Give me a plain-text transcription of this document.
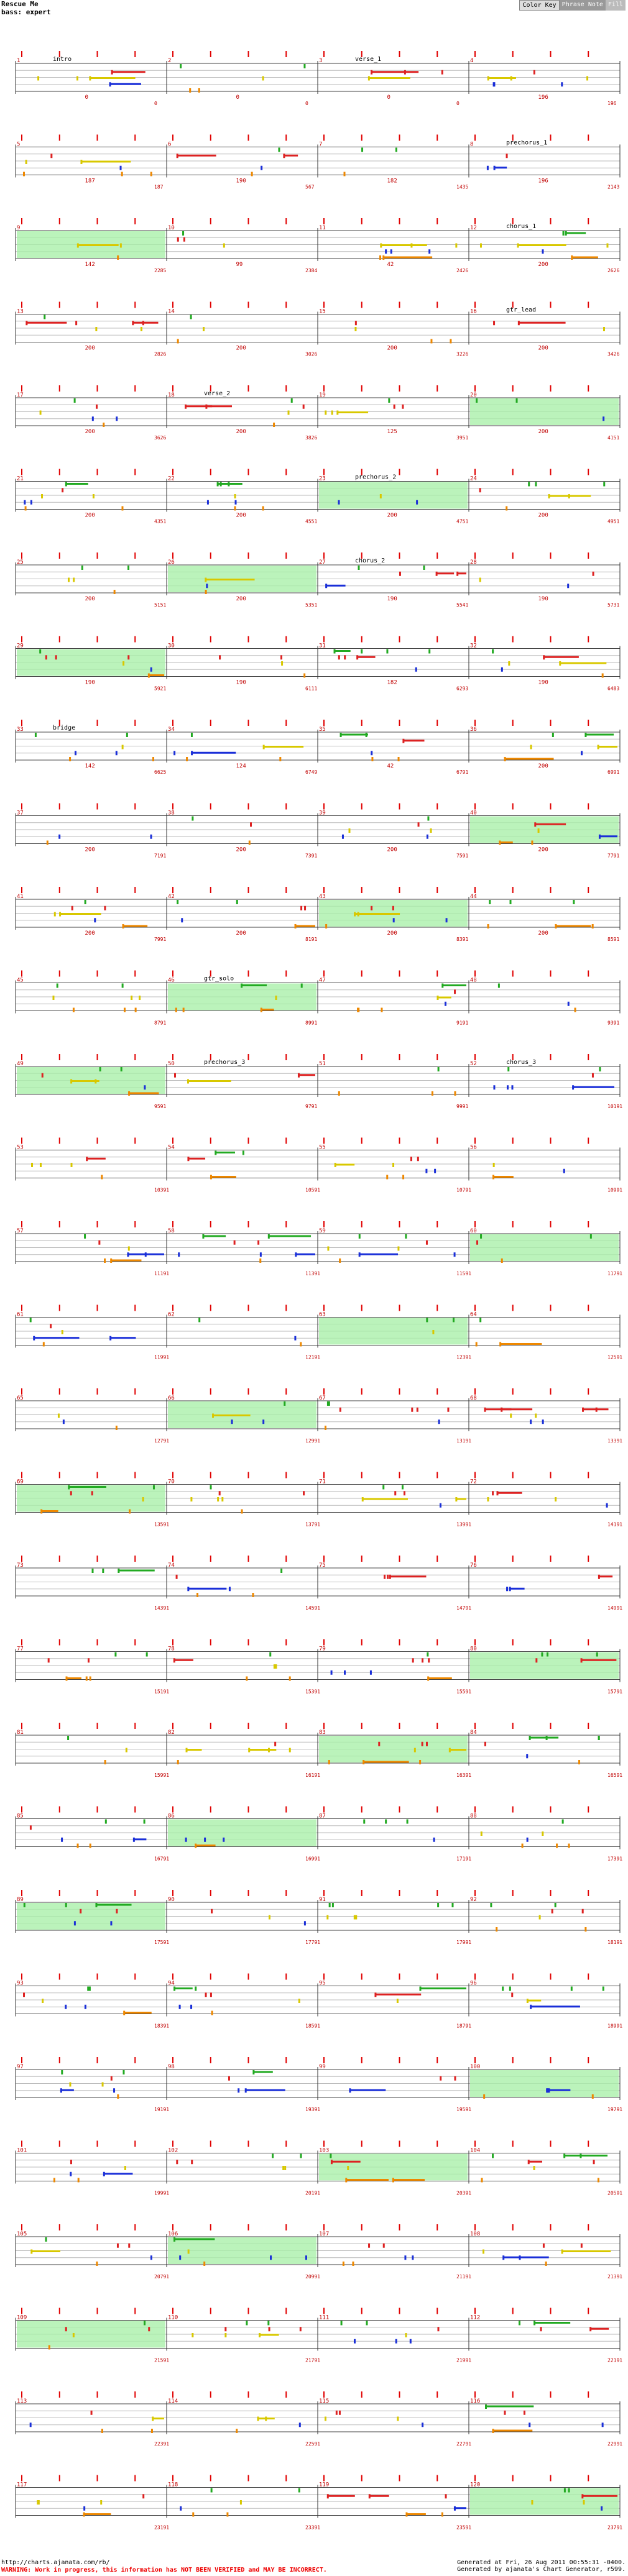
Rescue Me
bass: expert
Color Key Phrase Note Fill
1	intro
0
2
0
3	verse_1
0
4
196
0	0	0	196
5
187
6
190
7
182
8	prechorus_1
196
187	567	1435	2143
9
142
10
99
11
42
12	chorus_1
200
2285	2384	2426	2626
13
200
14
200
15
200
16	gtr_lead
200
2826	3026	3226	3426
17
200
18	verse_2
200
19
125
20
200
3626	3826	3951	4151
21
200
22
200
23	prechorus_2
200
24
200
4351	4551	4751	4951
25
200
26
200
27	chorus_2
190
28
190
5151	5351	5541	5731
29
190
30
190
31
182
32
190
5921	6111	6293	6483
33	bridge
142
34
124
35
42
36
200
6625	6749	6791	6991
37
200
38
200
39
200
40
200
7191	7391	7591	7791
41
200
42
200
43
200
44
200
7991	8191	8391	8591
45	46	gtr_solo	47	48
8791	8991	9191	9391
49	50	prechorus_3	51	52	chorus_3
9591	9791	9991	10191
53	54	55	56
10391	10591	10791	10991
57	58	59	60
11191	11391	11591	11791
61	62	63	64
11991	12191	12391	12591
65	66	67	68
12791	12991	13191	13391
69	70	71	72
13591	13791	13991	14191
73	74	75	76
14391	14591	14791	14991
77	78	79	80
15191	15391	15591	15791
81	82	83	84
15991	16191	16391	16591
85	86	87	88
16791	16991	17191	17391
89	90	91	92
17591	17791	17991	18191
93	94	95	96
18391	18591	18791	18991
97	98	99	100
19191	19391	19591	19791
101	102	103	104
19991	20191	20391	20591
105	106	107	108
20791	20991	21191	21391
109	110	111	112
21591	21791	21991	22191
113	114	115	116
22391	22591	22791	22991
117	118	119	120
23191	23391	23591	23791
http://charts.ajanata.com/rb/
WARNING: Work in progress, this information has NOT BEEN VERIFIED and MAY BE INCORRECT.
Generated at Fri, 26 Aug 2011 00:55:31 -0400.
Generated by ajanata's Chart Generator, r599.
